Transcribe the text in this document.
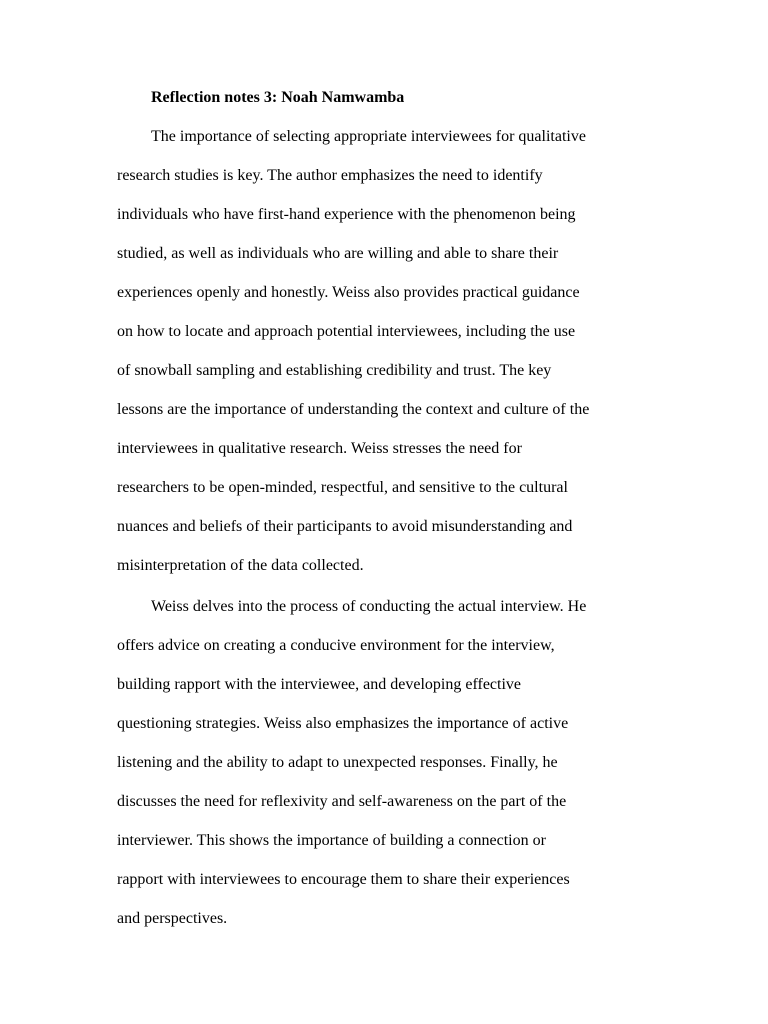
Reflection notes 3: Noah Namwamba
The importance of selecting appropriate interviewees for qualitative
research studies is key. The author emphasizes the need to identify
individuals who have first-hand experience with the phenomenon being
studied, as well as individuals who are willing and able to share their
experiences openly and honestly. Weiss also provides practical guidance
on how to locate and approach potential interviewees, including the use
of snowball sampling and establishing credibility and trust. The key
lessons are the importance of understanding the context and culture of the
interviewees in qualitative research. Weiss stresses the need for
researchers to be open-minded, respectful, and sensitive to the cultural
nuances and beliefs of their participants to avoid misunderstanding and
misinterpretation of the data collected.
Weiss delves into the process of conducting the actual interview. He
offers advice on creating a conducive environment for the interview,
building rapport with the interviewee, and developing effective
questioning strategies. Weiss also emphasizes the importance of active
listening and the ability to adapt to unexpected responses. Finally, he
discusses the need for reflexivity and self-awareness on the part of the
interviewer. This shows the importance of building a connection or
rapport with interviewees to encourage them to share their experiences
and perspectives.
